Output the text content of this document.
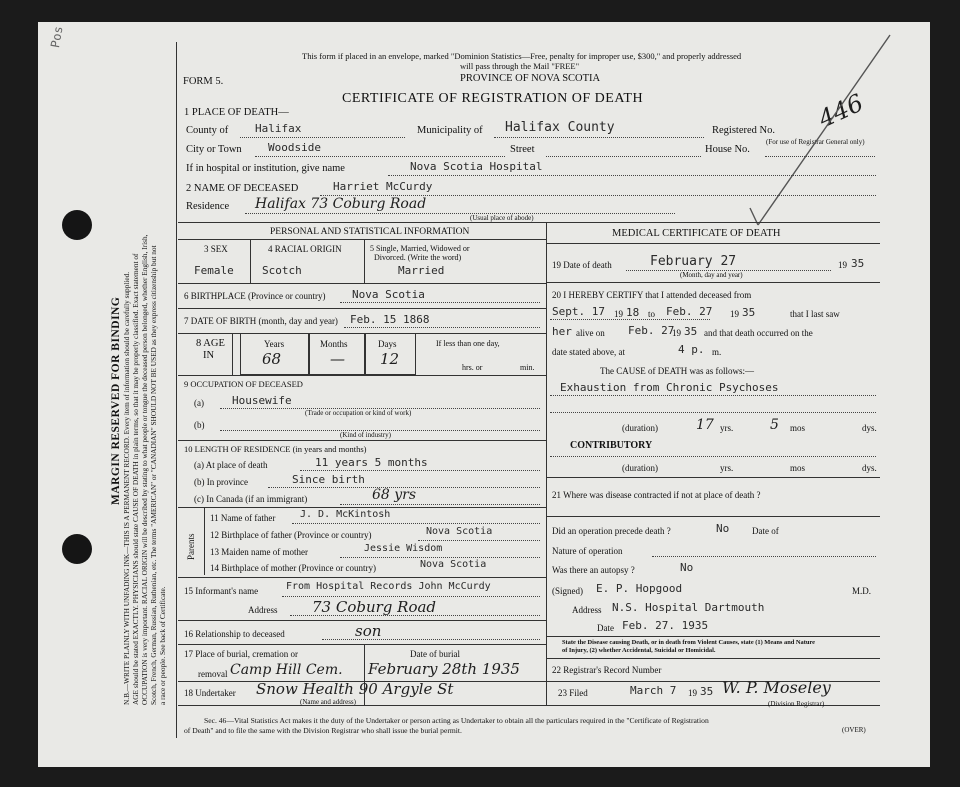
Pos
MARGIN RESERVED FOR BINDING N.B.—WRITE PLAINLY WITH UNFADING INK—THIS IS A PERMANENT RECORD. Every item of information should be carefully supplied. AGE should be stated EXACTLY. PHYSICIANS should state CAUSE OF DEATH in plain terms, so that it may be properly classified. Exact statement of OCCUPATION is very important. RACIAL ORIGIN will be described by stating to what people or tongue the deceased person belonged, whether English, Irish, Scotch, French, German, Russian, Ruthenian, etc. The terms "AMERICAN" or "CANADIAN" SHOULD NOT BE USED as they express citizenship but not a race or people. See back of Certificate.
This form if placed in an envelope, marked "Dominion Statistics—Free, penalty for improper use, $300," and properly addressed
will pass through the Mail "FREE"
PROVINCE OF NOVA SCOTIA
FORM 5.
CERTIFICATE OF REGISTRATION OF DEATH
1 PLACE OF DEATH—
County of Halifax	Municipality of Halifax County	Registered No. 446
(For use of Registrar General only)
City or Town Woodside	Street	House No.
If in hospital or institution, give name	Nova Scotia Hospital
2 NAME OF DECEASED	Harriet McCurdy
Residence Halifax 73 Coburg Road
(Usual place of abode)
PERSONAL AND STATISTICAL INFORMATION
3 SEX	4 RACIAL ORIGIN	5 Single, Married, Widowed or
Divorced. (Write the word)
Female	Scotch	Married
6 BIRTHPLACE (Province or country) Nova Scotia
7 DATE OF BIRTH (month, day and year) Feb. 15 1868
8 AGE
IN
Years	Months	Days
68	— 12
If less than one day,
hrs. or	min.
9 OCCUPATION OF DECEASED
(a)	Housewife
(Trade or occupation or kind of work)
(b)
(Kind of industry)
10 LENGTH OF RESIDENCE (in years and months)
(a) At place of death	11 years 5 months
(b) In province	Since birth
(c) In Canada (if an immigrant)	68 yrs
Parents
11 Name of father J. D. McKintosh
12 Birthplace of father (Province or country)	Nova Scotia
13 Maiden name of mother	Jessie Wisdom
14 Birthplace of mother (Province or country)	Nova Scotia
15 Informant's name	From Hospital Records John McCurdy
Address 73 Coburg Road
16 Relationship to deceased	son
17 Place of burial, cremation or
removal Camp Hill Cem.
Date of burial
February 28th 1935
18 Undertaker Snow Health 90 Argyle St
(Name and address)
MEDICAL CERTIFICATE OF DEATH
19 Date of death	February 27	19 35
(Month, day and year)
20 I HEREBY CERTIFY that I attended deceased from
Sept. 17 19 18 to Feb. 27 19 35	that I last saw
her alive on Feb. 27
19 35 and that death occurred on the
date stated above, at	4 p. m.
The CAUSE of DEATH was as follows:—
Exhaustion from Chronic Psychoses
(duration)	17 yrs.	5 mos	dys.
CONTRIBUTORY
(duration)	yrs.	mos	dys.
21 Where was disease contracted if not at place of death ?
Did an operation precede death ?	No	Date of
Nature of operation
Was there an autopsy ?	No
(Signed) E. P. Hopgood	M.D.
Address N.S. Hospital Dartmouth
Date Feb. 27. 1935
State the Disease causing Death, or in death from Violent Causes, state (1) Means and Nature
of Injury, (2) whether Accidental, Suicidal or Homicidal.
22 Registrar's Record Number
23 Filed	March 7 19 35 W. P. Moseley
(Division Registrar)
Sec. 46—Vital Statistics Act makes it the duty of the Undertaker or person acting as Undertaker to obtain all the particulars required in the "Certificate of Registration
of Death" and to file the same with the Division Registrar who shall issue the burial permit.	(OVER)
